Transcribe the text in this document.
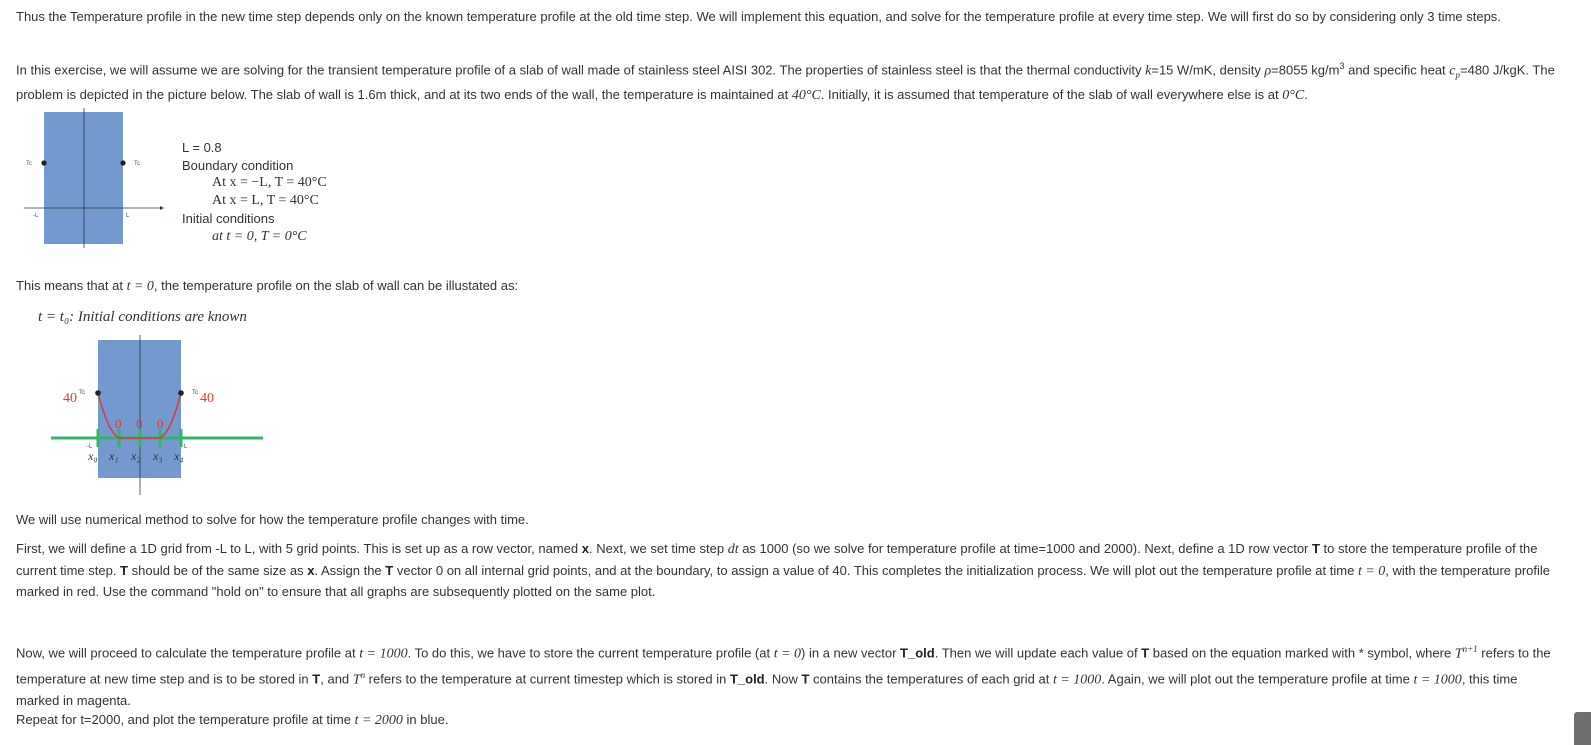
Thus the Temperature profile in the new time step depends only on the known temperature profile at the old time step. We will implement this equation, and solve for the temperature profile at every time step. We will first do so by considering only 3 time steps.

In this exercise, we will assume we are solving for the transient temperature profile of a slab of wall made of stainless steel AISI 302. The properties of stainless steel is that the thermal conductivity k=15 W/mK, density ρ=8055 $kg/m^3$ and specific heat $c_p=480$ J/kgK. The problem is depicted in the picture below. The slab of wall is 1.6m thick, and at its two ends of the wall, the temperature is maintained at 40°C. Initially, it is assumed that temperature of the slab of wall everywhere else is at 0°C.

Tc	Tc
-L	L
L = 0.8
Boundary condition
At x = −L, T = 40°C
At x = L, T = 40°C
Initial conditions
at t = 0, T = 0°C

This means that at t = 0, the temperature profile on the slab of wall can be illustated as:

t = t₀: Initial conditions are known
40	40
Tc	Tc
0 0 0
-L	L
x₀ x₁ x₂ x₃ x₄

We will use numerical method to solve for how the temperature profile changes with time.

First, we will define a 1D grid from -L to L, with 5 grid points. This is set up as a row vector, named x. Next, we set time step dt as 1000 (so we solve for temperature profile at time=1000 and 2000). Next, define a 1D row vector T to store the temperature profile of the current time step. T should be of the same size as x. Assign the T vector 0 on all internal grid points, and at the boundary, to assign a value of 40. This completes the initialization process. We will plot out the temperature profile at time t = 0, with the temperature profile marked in red. Use the command "hold on" to ensure that all graphs are subsequently plotted on the same plot.

Now, we will proceed to calculate the temperature profile at t = 1000. To do this, we have to store the current temperature profile (at t = 0) in a new vector T_old. Then we will update each value of T based on the equation marked with * symbol, where $T^{n+1}$ refers to the temperature at new time step and is to be stored in T, and $T^n$ refers to the temperature at current timestep which is stored in T_old. Now T contains the temperatures of each grid at t = 1000. Again, we will plot out the temperature profile at time t = 1000, this time marked in magenta.

Repeat for t=2000, and plot the temperature profile at time t = 2000 in blue.
